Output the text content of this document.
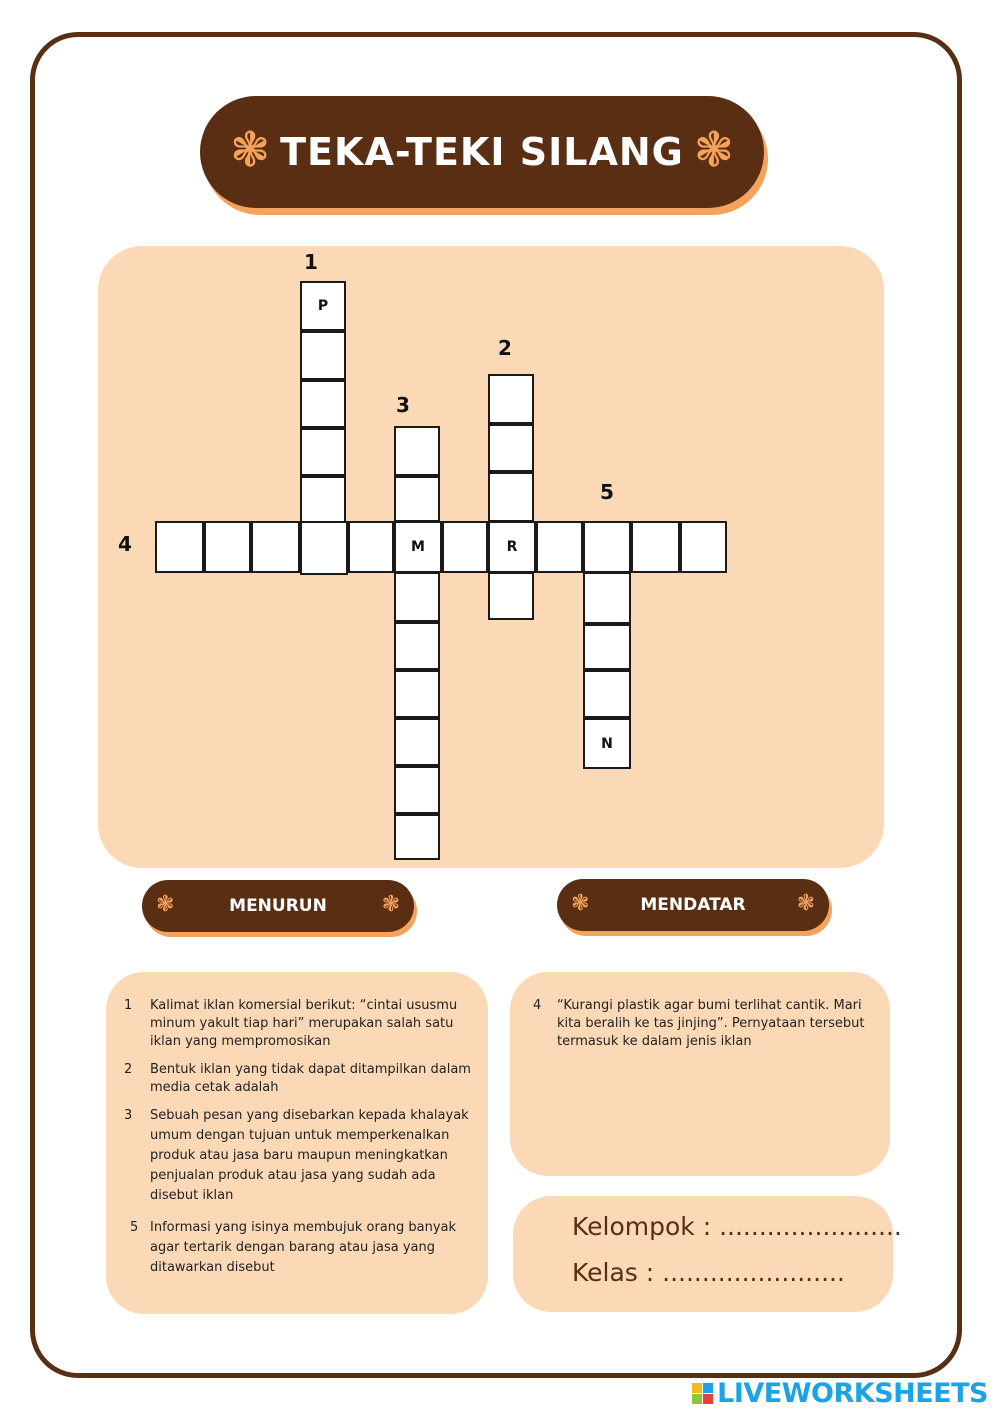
❃ TEKA-TEKI SILANG ❃
1
2
3
4
5
P
M	R
N
❃	MENURUN ❃	❃	MENDATAR ❃
1 Kalimat iklan komersial berikut: “cintai ususmu minum yakult tiap hari” merupakan salah satu iklan yang mempromosikan
2 Bentuk iklan yang tidak dapat ditampilkan dalam media cetak adalah
3 Sebuah pesan yang disebarkan kepada khalayak umum dengan tujuan untuk memperkenalkan produk atau jasa baru maupun meningkatkan penjualan produk atau jasa yang sudah ada disebut iklan
5 Informasi yang isinya membujuk orang banyak agar tertarik dengan barang atau jasa yang ditawarkan disebut
4 “Kurangi plastik agar bumi terlihat cantik. Mari kita beralih ke tas jinjing”. Pernyataan tersebut termasuk ke dalam jenis iklan
Kelompok : .......................
Kelas : .......................
LIVEWORKSHEETS
